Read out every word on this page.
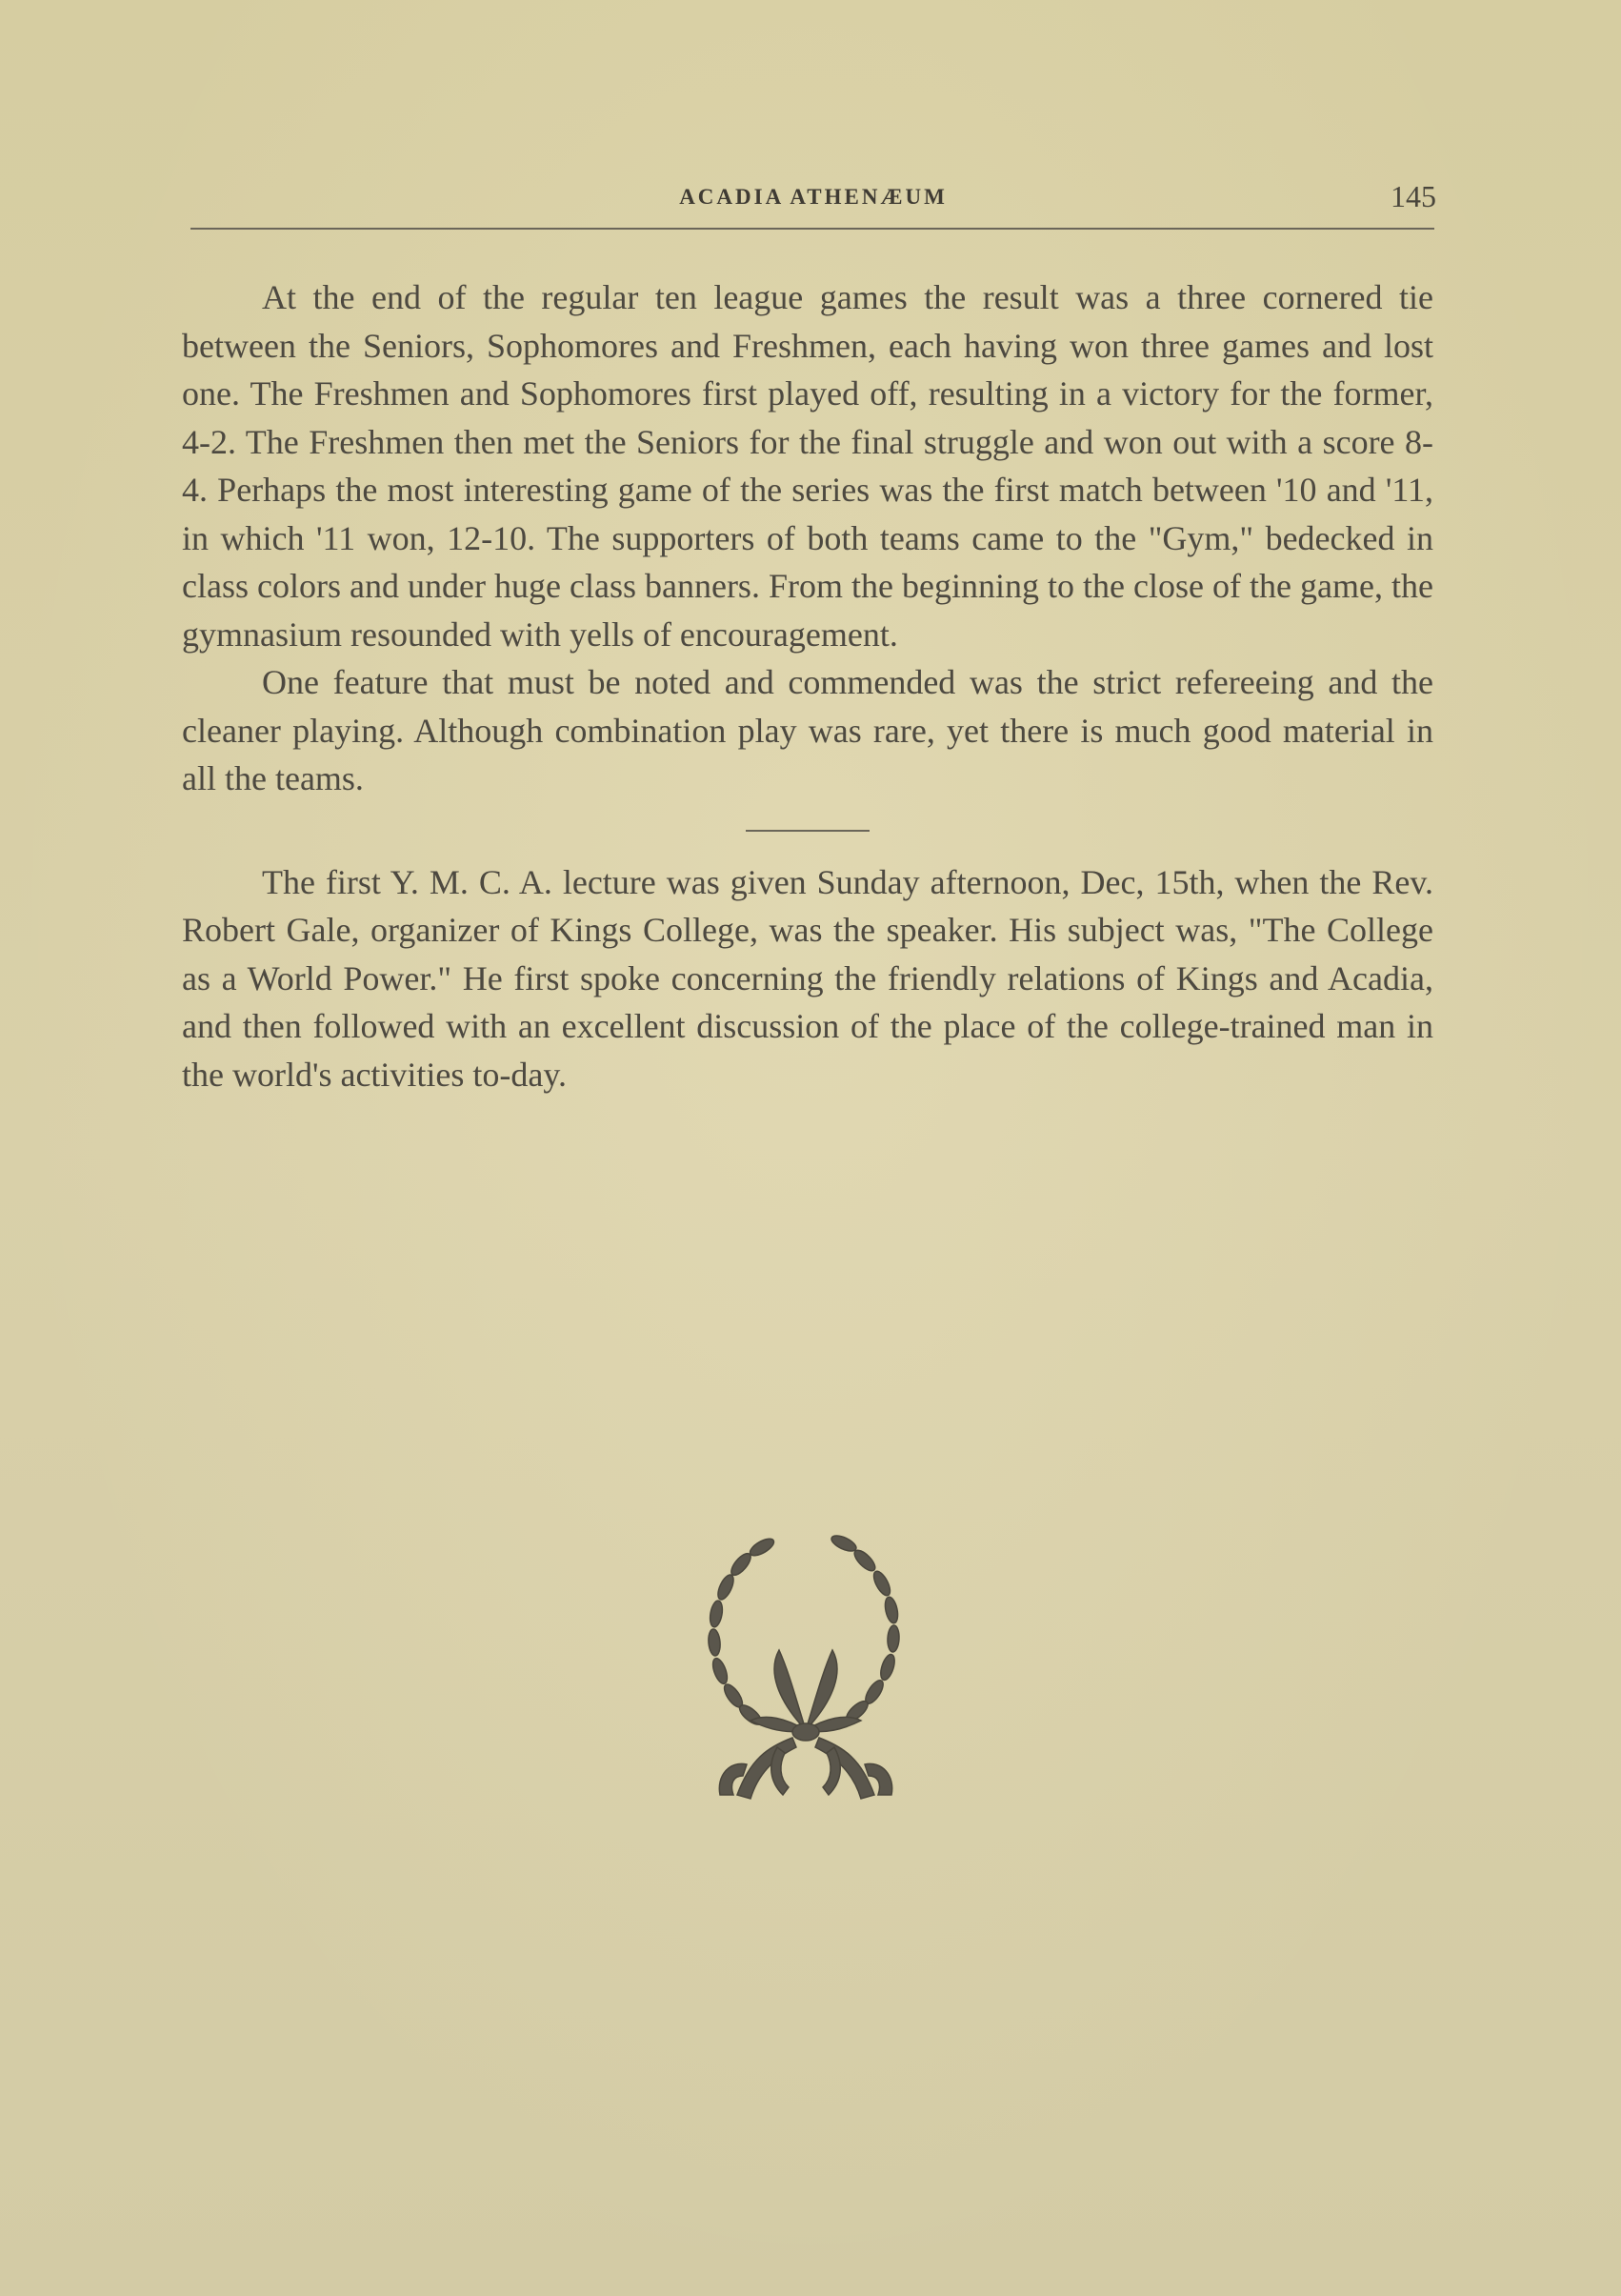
ACADIA ATHENÆUM	145

At the end of the regular ten league games the result was a three cornered tie between the Seniors, Sophomores and Freshmen, each having won three games and lost one. The Freshmen and Sophomores first played off, resulting in a victory for the former, 4-2. The Freshmen then met the Seniors for the final struggle and won out with a score 8-4. Perhaps the most interesting game of the series was the first match between '10 and '11, in which '11 won, 12-10. The supporters of both teams came to the "Gym," bedecked in class colors and under huge class banners. From the beginning to the close of the game, the gymnasium resounded with yells of encouragement.

One feature that must be noted and commended was the strict refereeing and the cleaner playing. Although combination play was rare, yet there is much good material in all the teams.

The first Y. M. C. A. lecture was given Sunday afternoon, Dec, 15th, when the Rev. Robert Gale, organizer of Kings College, was the speaker. His subject was, "The College as a World Power." He first spoke concerning the friendly relations of Kings and Acadia, and then followed with an excellent discussion of the place of the college-trained man in the world's activities to-day.
